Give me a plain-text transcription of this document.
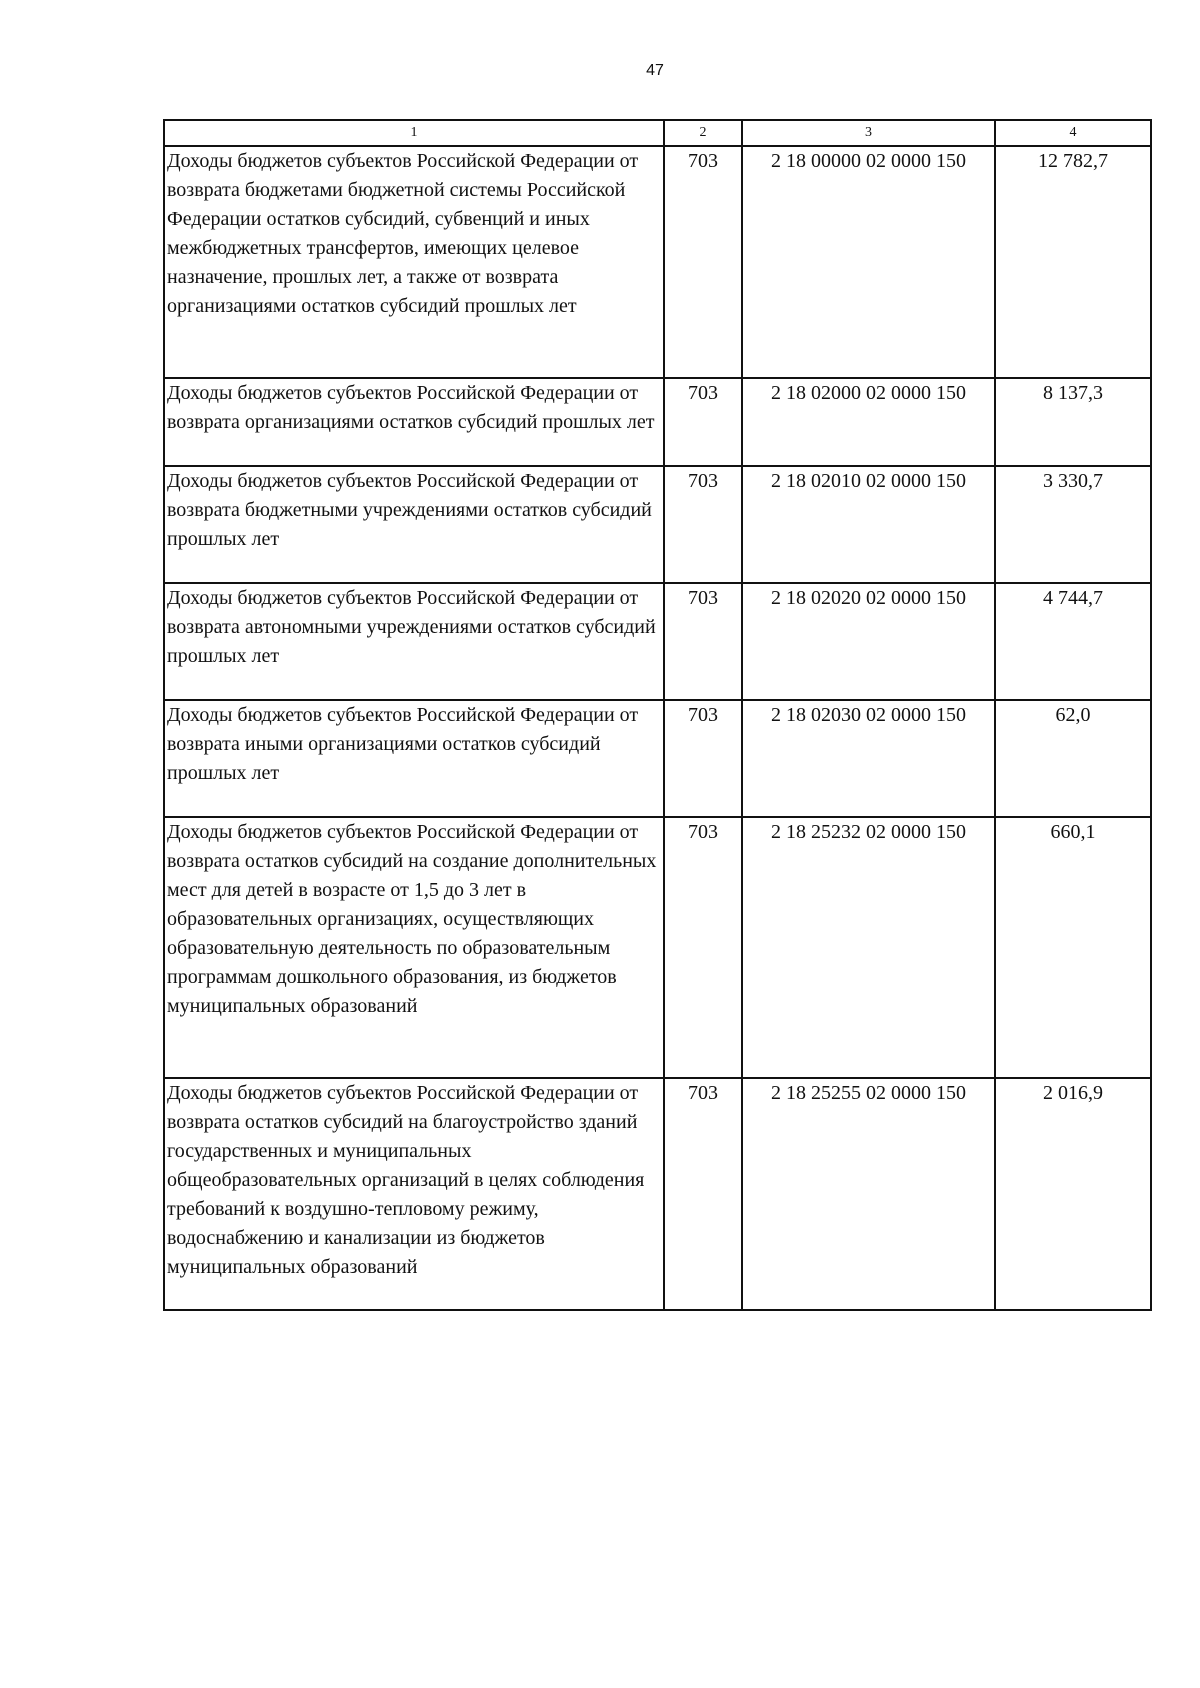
47
1	2	3	4
Доходы бюджетов субъектов Российской Федерации от возврата бюджетами бюджетной системы Российской Федерации остатков субсидий, субвенций и иных межбюджетных трансфертов, имеющих целевое назначение, прошлых лет, а также от возврата организациями остатков субсидий прошлых лет	703	2 18 00000 02 0000 150	12 782,7
Доходы бюджетов субъектов Российской Федерации от возврата организациями остатков субсидий прошлых лет	703	2 18 02000 02 0000 150	8 137,3
Доходы бюджетов субъектов Российской Федерации от возврата бюджетными учреждениями остатков субсидий прошлых лет	703	2 18 02010 02 0000 150	3 330,7
Доходы бюджетов субъектов Российской Федерации от возврата автономными учреждениями остатков субсидий прошлых лет	703	2 18 02020 02 0000 150	4 744,7
Доходы бюджетов субъектов Российской Федерации от возврата иными организациями остатков субсидий прошлых лет	703	2 18 02030 02 0000 150	62,0
Доходы бюджетов субъектов Российской Федерации от возврата остатков субсидий на создание дополнительных мест для детей в возрасте от 1,5 до 3 лет в образовательных организациях, осуществляющих образовательную деятельность по образовательным программам дошкольного образования, из бюджетов муниципальных образований	703	2 18 25232 02 0000 150	660,1
Доходы бюджетов субъектов Российской Федерации от возврата остатков субсидий на благоустройство зданий государственных и муниципальных общеобразовательных организаций в целях соблюдения требований к воздушно-тепловому режиму, водоснабжению и канализации из бюджетов муниципальных образований	703	2 18 25255 02 0000 150	2 016,9
